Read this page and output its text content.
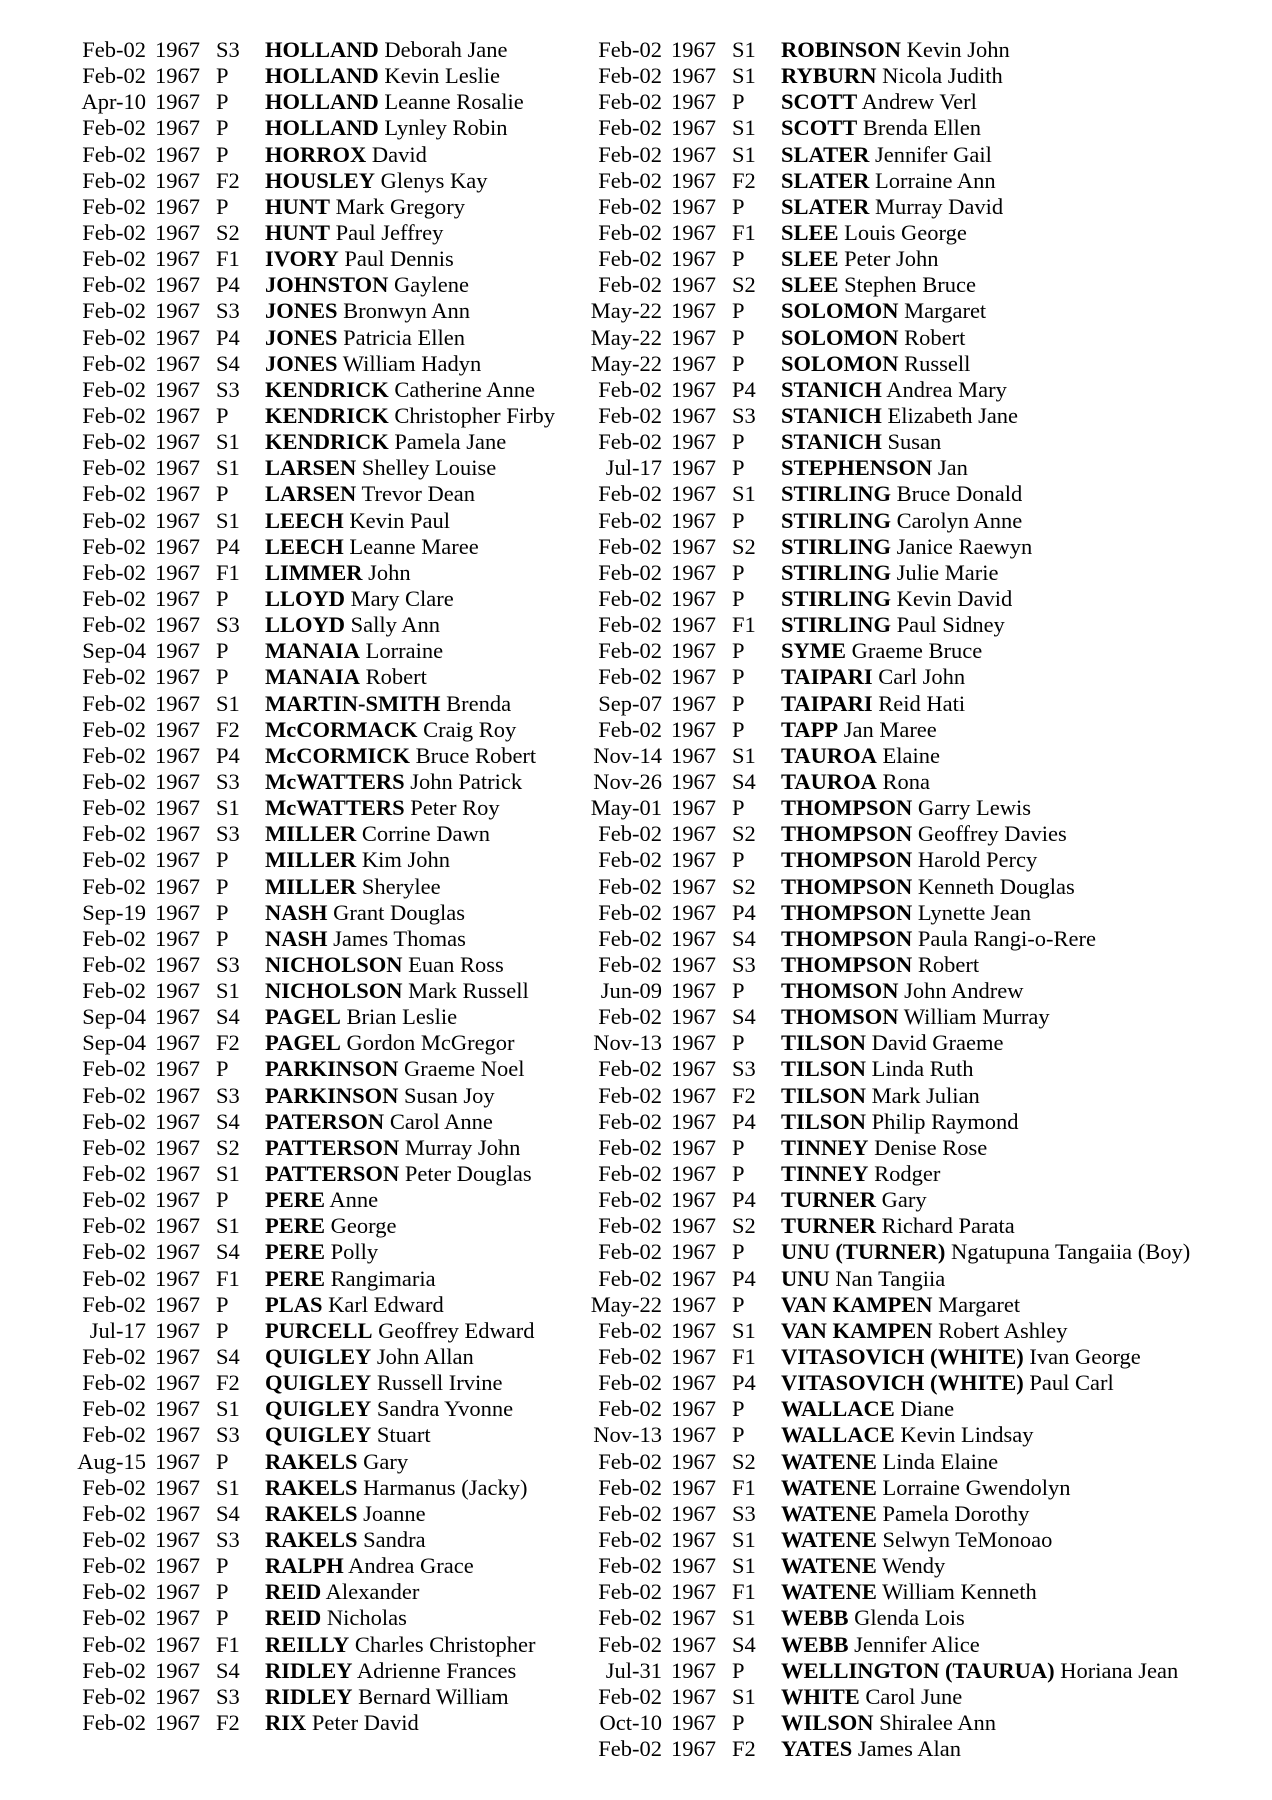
Feb-02 1967 S3 HOLLAND Deborah Jane
Feb-02 1967 P HOLLAND Kevin Leslie
Apr-10 1967 P HOLLAND Leanne Rosalie
Feb-02 1967 P HOLLAND Lynley Robin
Feb-02 1967 P HORROX David
Feb-02 1967 F2 HOUSLEY Glenys Kay
Feb-02 1967 P HUNT Mark Gregory
Feb-02 1967 S2 HUNT Paul Jeffrey
Feb-02 1967 F1 IVORY Paul Dennis
Feb-02 1967 P4 JOHNSTON Gaylene
Feb-02 1967 S3 JONES Bronwyn Ann
Feb-02 1967 P4 JONES Patricia Ellen
Feb-02 1967 S4 JONES William Hadyn
Feb-02 1967 S3 KENDRICK Catherine Anne
Feb-02 1967 P KENDRICK Christopher Firby
Feb-02 1967 S1 KENDRICK Pamela Jane
Feb-02 1967 S1 LARSEN Shelley Louise
Feb-02 1967 P LARSEN Trevor Dean
Feb-02 1967 S1 LEECH Kevin Paul
Feb-02 1967 P4 LEECH Leanne Maree
Feb-02 1967 F1 LIMMER John
Feb-02 1967 P LLOYD Mary Clare
Feb-02 1967 S3 LLOYD Sally Ann
Sep-04 1967 P MANAIA Lorraine
Feb-02 1967 P MANAIA Robert
Feb-02 1967 S1 MARTIN-SMITH Brenda
Feb-02 1967 F2 McCORMACK Craig Roy
Feb-02 1967 P4 McCORMICK Bruce Robert
Feb-02 1967 S3 McWATTERS John Patrick
Feb-02 1967 S1 McWATTERS Peter Roy
Feb-02 1967 S3 MILLER Corrine Dawn
Feb-02 1967 P MILLER Kim John
Feb-02 1967 P MILLER Sherylee
Sep-19 1967 P NASH Grant Douglas
Feb-02 1967 P NASH James Thomas
Feb-02 1967 S3 NICHOLSON Euan Ross
Feb-02 1967 S1 NICHOLSON Mark Russell
Sep-04 1967 S4 PAGEL Brian Leslie
Sep-04 1967 F2 PAGEL Gordon McGregor
Feb-02 1967 P PARKINSON Graeme Noel
Feb-02 1967 S3 PARKINSON Susan Joy
Feb-02 1967 S4 PATERSON Carol Anne
Feb-02 1967 S2 PATTERSON Murray John
Feb-02 1967 S1 PATTERSON Peter Douglas
Feb-02 1967 P PERE Anne
Feb-02 1967 S1 PERE George
Feb-02 1967 S4 PERE Polly
Feb-02 1967 F1 PERE Rangimaria
Feb-02 1967 P PLAS Karl Edward
Jul-17 1967 P PURCELL Geoffrey Edward
Feb-02 1967 S4 QUIGLEY John Allan
Feb-02 1967 F2 QUIGLEY Russell Irvine
Feb-02 1967 S1 QUIGLEY Sandra Yvonne
Feb-02 1967 S3 QUIGLEY Stuart
Aug-15 1967 P RAKELS Gary
Feb-02 1967 S1 RAKELS Harmanus (Jacky)
Feb-02 1967 S4 RAKELS Joanne
Feb-02 1967 S3 RAKELS Sandra
Feb-02 1967 P RALPH Andrea Grace
Feb-02 1967 P REID Alexander
Feb-02 1967 P REID Nicholas
Feb-02 1967 F1 REILLY Charles Christopher
Feb-02 1967 S4 RIDLEY Adrienne Frances
Feb-02 1967 S3 RIDLEY Bernard William
Feb-02 1967 F2 RIX Peter David
Feb-02 1967 S1 ROBINSON Kevin John
Feb-02 1967 S1 RYBURN Nicola Judith
Feb-02 1967 P SCOTT Andrew Verl
Feb-02 1967 S1 SCOTT Brenda Ellen
Feb-02 1967 S1 SLATER Jennifer Gail
Feb-02 1967 F2 SLATER Lorraine Ann
Feb-02 1967 P SLATER Murray David
Feb-02 1967 F1 SLEE Louis George
Feb-02 1967 P SLEE Peter John
Feb-02 1967 S2 SLEE Stephen Bruce
May-22 1967 P SOLOMON Margaret
May-22 1967 P SOLOMON Robert
May-22 1967 P SOLOMON Russell
Feb-02 1967 P4 STANICH Andrea Mary
Feb-02 1967 S3 STANICH Elizabeth Jane
Feb-02 1967 P STANICH Susan
Jul-17 1967 P STEPHENSON Jan
Feb-02 1967 S1 STIRLING Bruce Donald
Feb-02 1967 P STIRLING Carolyn Anne
Feb-02 1967 S2 STIRLING Janice Raewyn
Feb-02 1967 P STIRLING Julie Marie
Feb-02 1967 P STIRLING Kevin David
Feb-02 1967 F1 STIRLING Paul Sidney
Feb-02 1967 P SYME Graeme Bruce
Feb-02 1967 P TAIPARI Carl John
Sep-07 1967 P TAIPARI Reid Hati
Feb-02 1967 P TAPP Jan Maree
Nov-14 1967 S1 TAUROA Elaine
Nov-26 1967 S4 TAUROA Rona
May-01 1967 P THOMPSON Garry Lewis
Feb-02 1967 S2 THOMPSON Geoffrey Davies
Feb-02 1967 P THOMPSON Harold Percy
Feb-02 1967 S2 THOMPSON Kenneth Douglas
Feb-02 1967 P4 THOMPSON Lynette Jean
Feb-02 1967 S4 THOMPSON Paula Rangi-o-Rere
Feb-02 1967 S3 THOMPSON Robert
Jun-09 1967 P THOMSON John Andrew
Feb-02 1967 S4 THOMSON William Murray
Nov-13 1967 P TILSON David Graeme
Feb-02 1967 S3 TILSON Linda Ruth
Feb-02 1967 F2 TILSON Mark Julian
Feb-02 1967 P4 TILSON Philip Raymond
Feb-02 1967 P TINNEY Denise Rose
Feb-02 1967 P TINNEY Rodger
Feb-02 1967 P4 TURNER Gary
Feb-02 1967 S2 TURNER Richard Parata
Feb-02 1967 P UNU (TURNER) Ngatupuna Tangaiia (Boy)
Feb-02 1967 P4 UNU Nan Tangiia
May-22 1967 P VAN KAMPEN Margaret
Feb-02 1967 S1 VAN KAMPEN Robert Ashley
Feb-02 1967 F1 VITASOVICH (WHITE) Ivan George
Feb-02 1967 P4 VITASOVICH (WHITE) Paul Carl
Feb-02 1967 P WALLACE Diane
Nov-13 1967 P WALLACE Kevin Lindsay
Feb-02 1967 S2 WATENE Linda Elaine
Feb-02 1967 F1 WATENE Lorraine Gwendolyn
Feb-02 1967 S3 WATENE Pamela Dorothy
Feb-02 1967 S1 WATENE Selwyn TeMonoao
Feb-02 1967 S1 WATENE Wendy
Feb-02 1967 F1 WATENE William Kenneth
Feb-02 1967 S1 WEBB Glenda Lois
Feb-02 1967 S4 WEBB Jennifer Alice
Jul-31 1967 P WELLINGTON (TAURUA) Horiana Jean
Feb-02 1967 S1 WHITE Carol June
Oct-10 1967 P WILSON Shiralee Ann
Feb-02 1967 F2 YATES James Alan
